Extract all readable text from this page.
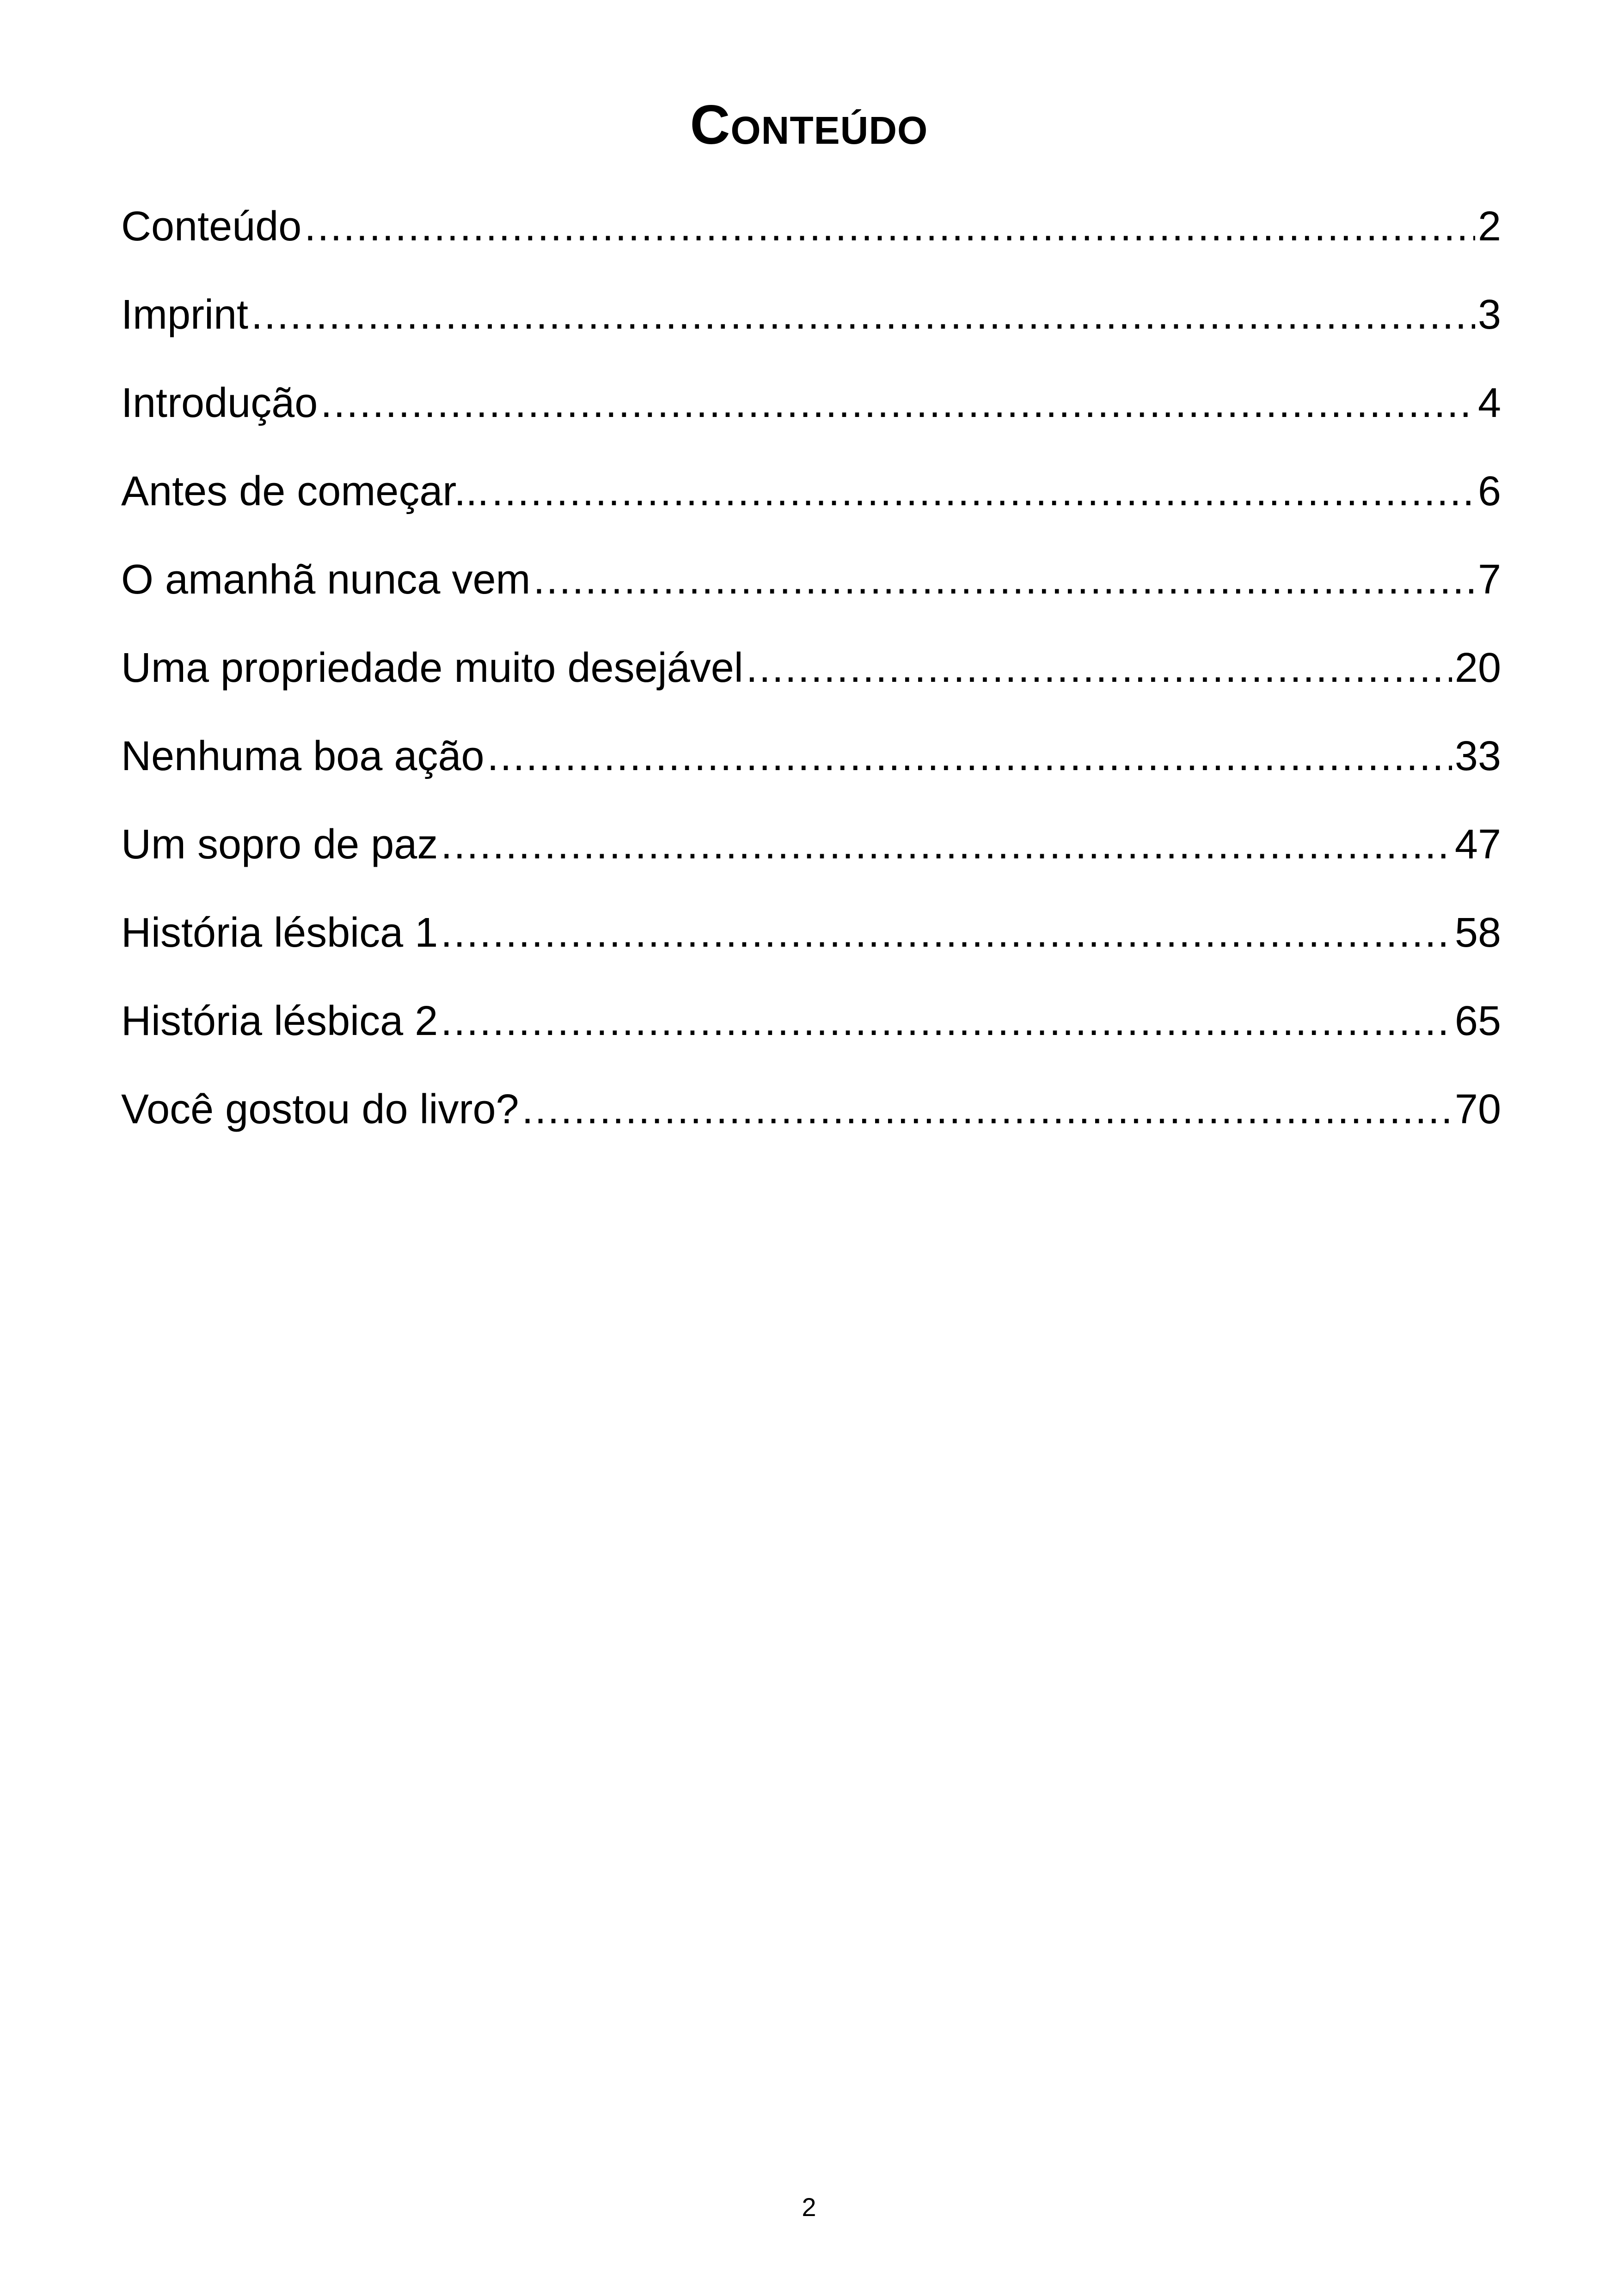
Conteúdo
Conteúdo .....	2
Imprint .....	3
Introdução .....	4
Antes de começar... .....	6
O amanhã nunca vem .....	7
Uma propriedade muito desejável .....	20
Nenhuma boa ação .....	33
Um sopro de paz .....	47
História lésbica 1 .....	58
História lésbica 2 .....	65
Você gostou do livro? .....	70

2
